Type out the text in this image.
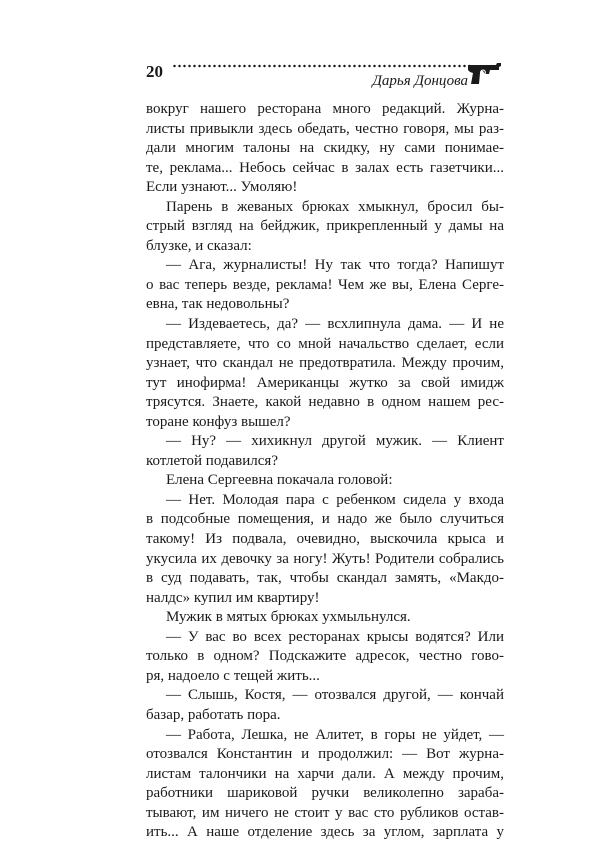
20	Дарья Донцова
вокруг нашего ресторана много редакций. Журна-
листы привыкли здесь обедать, честно говоря, мы раз-
дали многим талоны на скидку, ну сами понимае-
те, реклама... Небось сейчас в залах есть газетчики...
Если узнают... Умоляю!
Парень в жеваных брюках хмыкнул, бросил бы-
стрый взгляд на бейджик, прикрепленный у дамы на
блузке, и сказал:
— Ага, журналисты! Ну так что тогда? Напишут
о вас теперь везде, реклама! Чем же вы, Елена Серге-
евна, так недовольны?
— Издеваетесь, да? — всхлипнула дама. — И не
представляете, что со мной начальство сделает, если
узнает, что скандал не предотвратила. Между прочим,
тут инофирма! Американцы жутко за свой имидж
трясутся. Знаете, какой недавно в одном нашем рес-
торане конфуз вышел?
— Ну? — хихикнул другой мужик. — Клиент
котлетой подавился?
Елена Сергеевна покачала головой:
— Нет. Молодая пара с ребенком сидела у входа
в подсобные помещения, и надо же было случиться
такому! Из подвала, очевидно, выскочила крыса и
укусила их девочку за ногу! Жуть! Родители собрались
в суд подавать, так, чтобы скандал замять, «Макдо-
налдс» купил им квартиру!
Мужик в мятых брюках ухмыльнулся.
— У вас во всех ресторанах крысы водятся? Или
только в одном? Подскажите адресок, честно гово-
ря, надоело с тещей жить...
— Слышь, Костя, — отозвался другой, — кончай
базар, работать пора.
— Работа, Лешка, не Алитет, в горы не уйдет, —
отозвался Константин и продолжил: — Вот журна-
листам талончики на харчи дали. А между прочим,
работники шариковой ручки великолепно зараба-
тывают, им ничего не стоит у вас сто рубликов остав-
ить... А наше отделение здесь за углом, зарплата у
